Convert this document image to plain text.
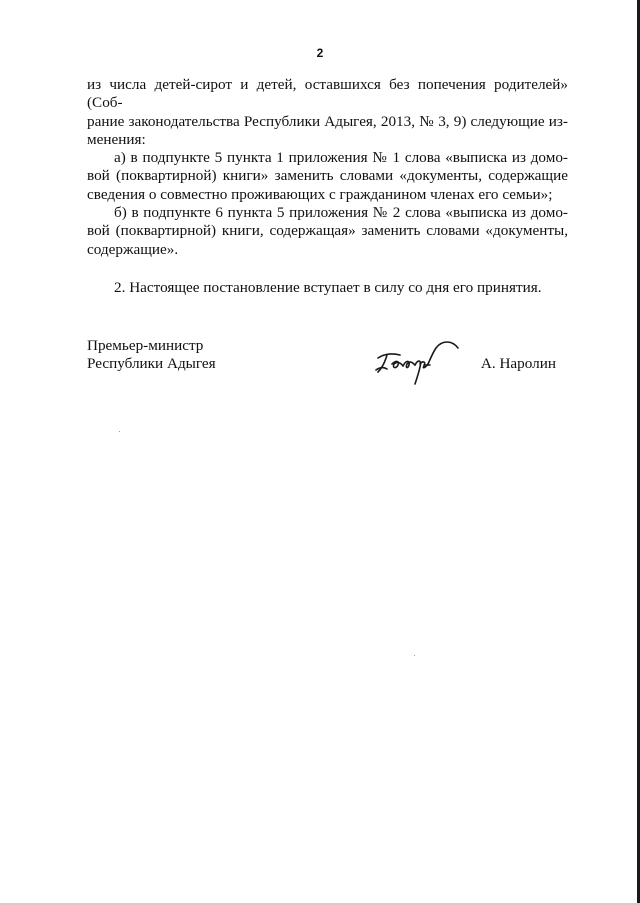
2
из числа детей-сирот и детей, оставшихся без попечения родителей» (Соб-
рание законодательства Республики Адыгея, 2013, № 3, 9) следующие из-
менения:
а) в подпункте 5 пункта 1 приложения № 1 слова «выписка из домо-
вой (поквартирной) книги» заменить словами «документы, содержащие
сведения о совместно проживающих с гражданином членах его семьи»;
б) в подпункте 6 пункта 5 приложения № 2 слова «выписка из домо-
вой (поквартирной) книги, содержащая» заменить словами «документы,
содержащие».
2. Настоящее постановление вступает в силу со дня его принятия.
Премьер-министр
Республики Адыгея	А. Наролин
